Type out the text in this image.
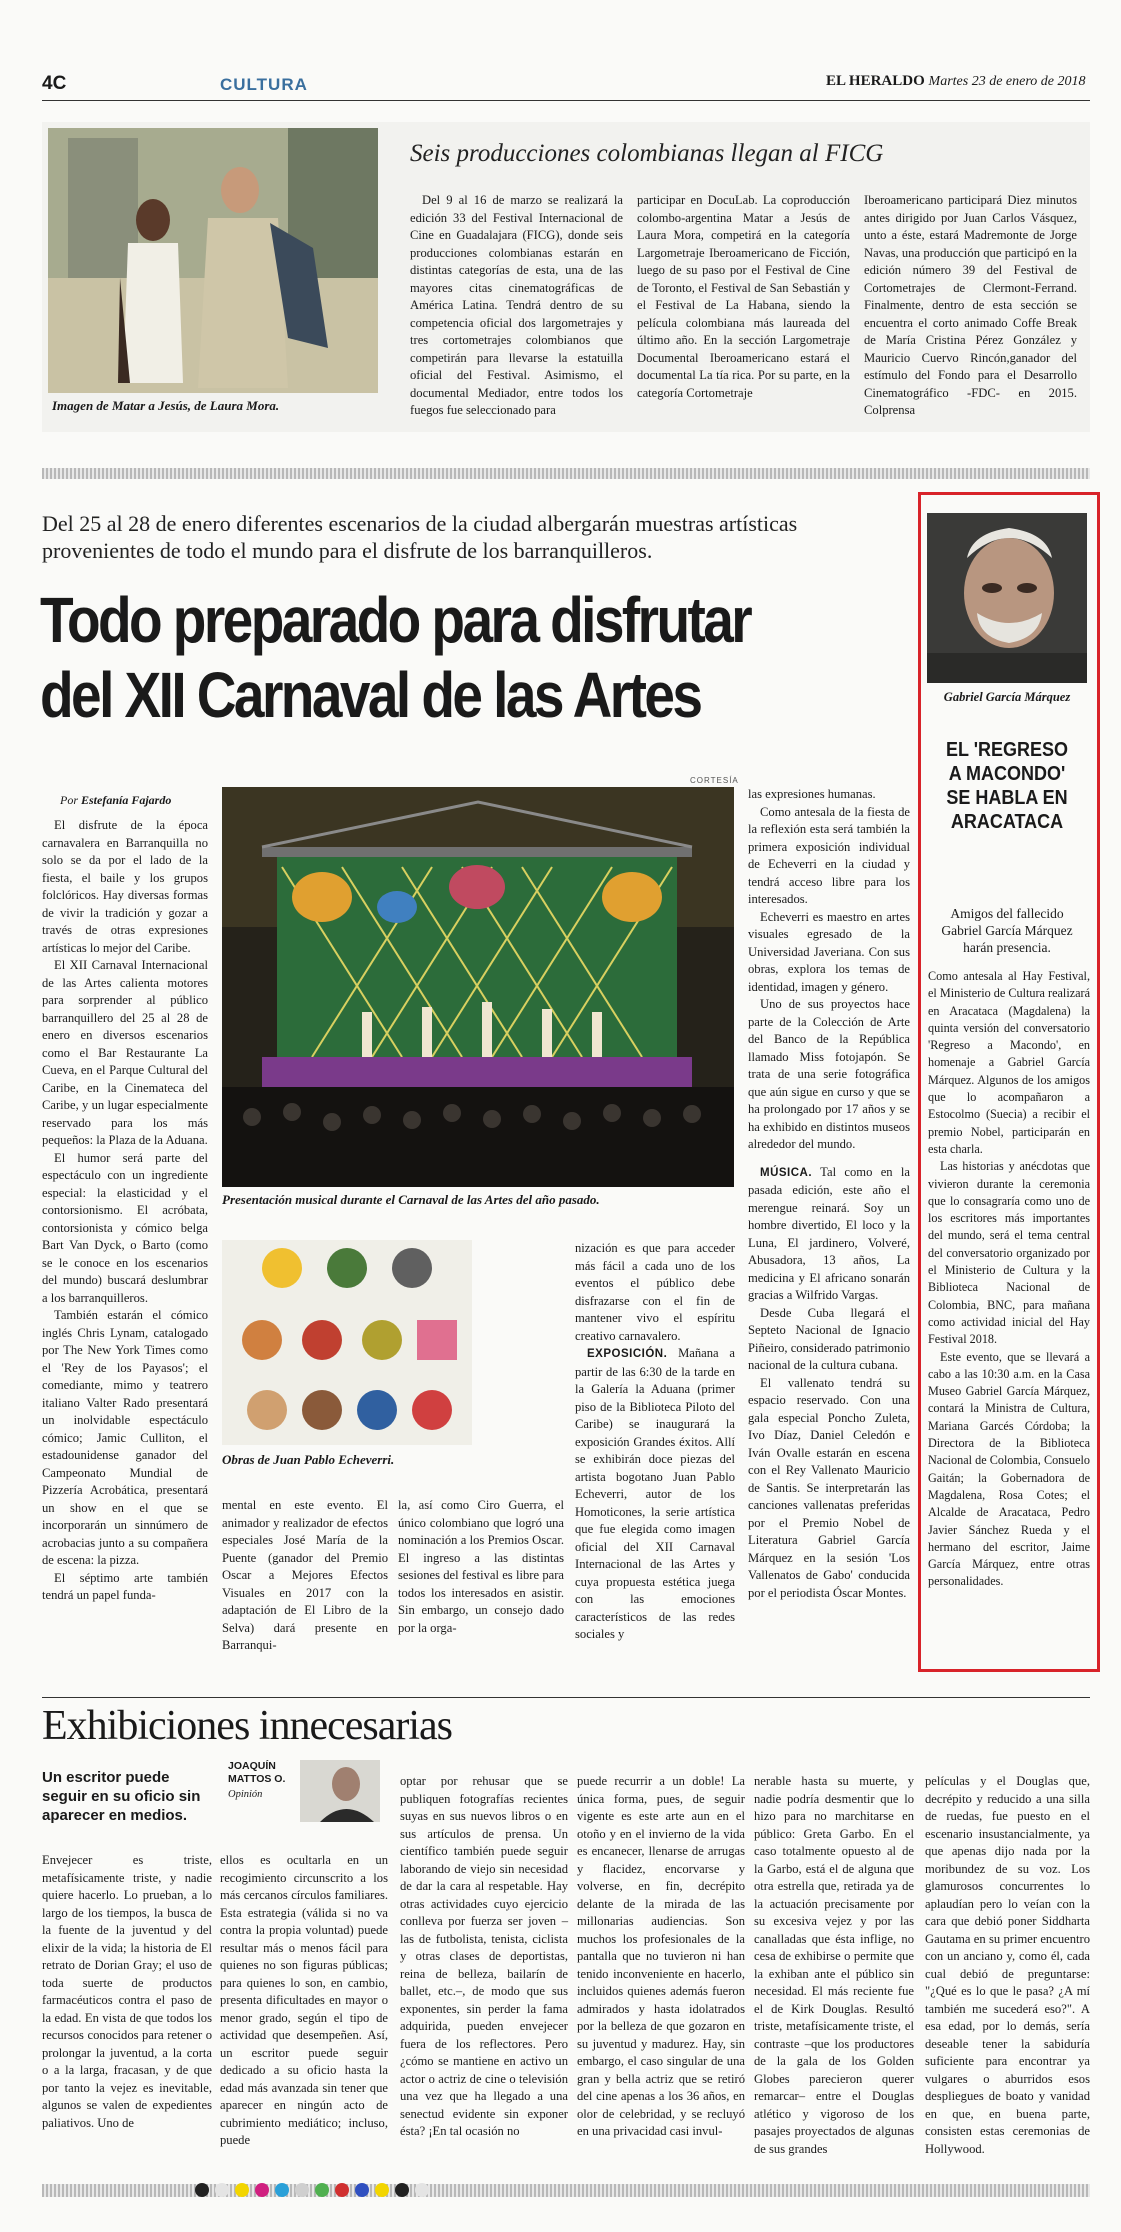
4C	CULTURA	EL HERALDO Martes 23 de enero de 2018
Imagen de Matar a Jesús, de Laura Mora.
Seis producciones colombianas llegan al FICG

Del 9 al 16 de marzo se realizará la edición 33 del Festival Internacional de Cine en Guadalajara (FICG), donde seis producciones colombianas estarán en distintas categorías de esta, una de las mayores citas cinematográficas de América Latina. Tendrá dentro de su competencia oficial dos largometrajes y tres cortometrajes colombianos que competirán para llevarse la estatuilla oficial del Festival. Asimismo, el documental Mediador, entre todos los fuegos fue seleccionado para

participar en DocuLab. La coproducción colombo-argentina Matar a Jesús de Laura Mora, competirá en la categoría Largometraje Iberoamericano de Ficción, luego de su paso por el Festival de Cine de Toronto, el Festival de San Sebastián y el Festival de La Habana, siendo la película colombiana más laureada del último año. En la sección Largometraje Documental Iberoamericano estará el documental La tía rica. Por su parte, en la categoría Cortometraje

Iberoamericano participará Diez minutos antes dirigido por Juan Carlos Vásquez, unto a éste, estará Madremonte de Jorge Navas, una producción que participó en la edición número 39 del Festival de Cortometrajes de Clermont-Ferrand. Finalmente, dentro de esta sección se encuentra el corto animado Coffe Break de María Cristina Pérez González y Mauricio Cuervo Rincón,ganador del estímulo del Fondo para el Desarrollo Cinematográfico -FDC- en 2015. Colprensa

Del 25 al 28 de enero diferentes escenarios de la ciudad albergarán muestras artísticas provenientes de todo el mundo para el disfrute de los barranquilleros.
Todo preparado para disfrutar
del XII Carnaval de las Artes
Por Estefanía Fajardo
CORTESÍA
Presentación musical durante el Carnaval de las Artes del año pasado.
Obras de Juan Pablo Echeverri.

El disfrute de la época carnavalera en Barranquilla no solo se da por el lado de la fiesta, el baile y los grupos folclóricos. Hay diversas formas de vivir la tradición y gozar a través de otras expresiones artísticas lo mejor del Caribe.

El XII Carnaval Internacional de las Artes calienta motores para sorprender al público barranquillero del 25 al 28 de enero en diversos escenarios como el Bar Restaurante La Cueva, en el Parque Cultural del Caribe, en la Cinemateca del Caribe, y un lugar especialmente reservado para los más pequeños: la Plaza de la Aduana.

El humor será parte del espectáculo con un ingrediente especial: la elasticidad y el contorsionismo. El acróbata, contorsionista y cómico belga Bart Van Dyck, o Barto (como se le conoce en los escenarios del mundo) buscará deslumbrar a los barranquilleros.

También estarán el cómico inglés Chris Lynam, catalogado por The New York Times como el 'Rey de los Payasos'; el comediante, mimo y teatrero italiano Valter Rado presentará un inolvidable espectáculo cómico; Jamic Culliton, el estadounidense ganador del Campeonato Mundial de Pizzería Acrobática, presentará un show en el que se incorporarán un sinnúmero de acrobacias junto a su compañera de escena: la pizza.

El séptimo arte también tendrá un papel funda-

mental en este evento. El animador y realizador de efectos especiales José María de la Puente (ganador del Premio Oscar a Mejores Efectos Visuales en 2017 con la adaptación de El Libro de la Selva) dará presente en Barranqui-

la, así como Ciro Guerra, el único colombiano que logró una nominación a los Premios Oscar. El ingreso a las distintas sesiones del festival es libre para todos los interesados en asistir. Sin embargo, un consejo dado por la orga-

nización es que para acceder más fácil a cada uno de los eventos el público debe disfrazarse con el fin de mantener vivo el espíritu creativo carnavalero.

EXPOSICIÓN. Mañana a partir de las 6:30 de la tarde en la Galería la Aduana (primer piso de la Biblioteca Piloto del Caribe) se inaugurará la exposición Grandes éxitos. Allí se exhibirán doce piezas del artista bogotano Juan Pablo Echeverri, autor de los Homoticones, la serie artística que fue elegida como imagen oficial del XII Carnaval Internacional de las Artes y cuya propuesta estética juega con las emociones característicos de las redes sociales y

las expresiones humanas.

Como antesala de la fiesta de la reflexión esta será también la primera exposición individual de Echeverri en la ciudad y tendrá acceso libre para los interesados.

Echeverri es maestro en artes visuales egresado de la Universidad Javeriana. Con sus obras, explora los temas de identidad, imagen y género.

Uno de sus proyectos hace parte de la Colección de Arte del Banco de la República llamado Miss fotojapón. Se trata de una serie fotográfica que aún sigue en curso y que se ha prolongado por 17 años y se ha exhibido en distintos museos alrededor del mundo.

MÚSICA. Tal como en la pasada edición, este año el merengue reinará. Soy un hombre divertido, El loco y la Luna, El jardinero, Volveré, Abusadora, 13 años, La medicina y El africano sonarán gracias a Wilfrido Vargas.

Desde Cuba llegará el Septeto Nacional de Ignacio Piñeiro, considerado patrimonio nacional de la cultura cubana.

El vallenato tendrá su espacio reservado. Con una gala especial Poncho Zuleta, Ivo Díaz, Daniel Celedón e Iván Ovalle estarán en escena con el Rey Vallenato Mauricio de Santis. Se interpretarán las canciones vallenatas preferidas por el Premio Nobel de Literatura Gabriel García Márquez en la sesión 'Los Vallenatos de Gabo' conducida por el periodista Óscar Montes.

Gabriel García Márquez
EL 'REGRESO A MACONDO' SE HABLA EN ARACATACA
Amigos del fallecido Gabriel García Márquez harán presencia.

Como antesala al Hay Festival, el Ministerio de Cultura realizará en Aracataca (Magdalena) la quinta versión del conversatorio 'Regreso a Macondo', en homenaje a Gabriel García Márquez. Algunos de los amigos que lo acompañaron a Estocolmo (Suecia) a recibir el premio Nobel, participarán en esta charla.

Las historias y anécdotas que vivieron durante la ceremonia que lo consagraría como uno de los escritores más importantes del mundo, será el tema central del conversatorio organizado por el Ministerio de Cultura y la Biblioteca Nacional de Colombia, BNC, para mañana como actividad inicial del Hay Festival 2018.

Este evento, que se llevará a cabo a las 10:30 a.m. en la Casa Museo Gabriel García Márquez, contará la Ministra de Cultura, Mariana Garcés Córdoba; la Directora de la Biblioteca Nacional de Colombia, Consuelo Gaitán; la Gobernadora de Magdalena, Rosa Cotes; el Alcalde de Aracataca, Pedro Javier Sánchez Rueda y el hermano del escritor, Jaime García Márquez, entre otras personalidades.

Exhibiciones innecesarias
Un escritor puede seguir en su oficio sin aparecer en medios.
JOAQUÍN MATTOS O.
Opinión

Envejecer es triste, metafísicamente triste, y nadie quiere hacerlo. Lo prueban, a lo largo de los tiempos, la busca de la fuente de la juventud y del elixir de la vida; la historia de El retrato de Dorian Gray; el uso de toda suerte de productos farmacéuticos contra el paso de la edad. En vista de que todos los recursos conocidos para retener o prolongar la juventud, a la corta o a la larga, fracasan, y de que por tanto la vejez es inevitable, algunos se valen de expedientes paliativos. Uno de

ellos es ocultarla en un recogimiento circunscrito a los más cercanos círculos familiares. Esta estrategia (válida si no va contra la propia voluntad) puede resultar más o menos fácil para quienes no son figuras públicas; para quienes lo son, en cambio, presenta dificultades en mayor o menor grado, según el tipo de actividad que desempeñen. Así, un escritor puede seguir dedicado a su oficio hasta la edad más avanzada sin tener que aparecer en ningún acto de cubrimiento mediático; incluso, puede

optar por rehusar que se publiquen fotografías recientes suyas en sus nuevos libros o en sus artículos de prensa. Un científico también puede seguir laborando de viejo sin necesidad de dar la cara al respetable. Hay otras actividades cuyo ejercicio conlleva por fuerza ser joven –las de futbolista, tenista, ciclista y otras clases de deportistas, reina de belleza, bailarín de ballet, etc.–, de modo que sus exponentes, sin perder la fama adquirida, pueden envejecer fuera de los reflectores. Pero ¿cómo se mantiene en activo un actor o actriz de cine o televisión una vez que ha llegado a una senectud evidente sin exponer ésta? ¡En tal ocasión no

puede recurrir a un doble! La única forma, pues, de seguir vigente es este arte aun en el otoño y en el invierno de la vida es encanecer, llenarse de arrugas y flacidez, encorvarse y volverse, en fin, decrépito delante de la mirada de las millonarias audiencias. Son muchos los profesionales de la pantalla que no tuvieron ni han tenido inconveniente en hacerlo, incluidos quienes además fueron admirados y hasta idolatrados por la belleza de que gozaron en su juventud y madurez. Hay, sin embargo, el caso singular de una gran y bella actriz que se retiró del cine apenas a los 36 años, en olor de celebridad, y se recluyó en una privacidad casi invul-

nerable hasta su muerte, y nadie podría desmentir que lo hizo para no marchitarse en público: Greta Garbo. En el caso totalmente opuesto al de la Garbo, está el de alguna que otra estrella que, retirada ya de la actuación precisamente por su excesiva vejez y por las canalladas que ésta inflige, no cesa de exhibirse o permite que la exhiban ante el público sin necesidad. El más reciente fue el de Kirk Douglas. Resultó triste, metafísicamente triste, el contraste –que los productores de la gala de los Golden Globes parecieron querer remarcar– entre el Douglas atlético y vigoroso de los pasajes proyectados de algunas de sus grandes

películas y el Douglas que, decrépito y reducido a una silla de ruedas, fue puesto en el escenario insustancialmente, ya que apenas dijo nada por la moribundez de su voz. Los glamurosos concurrentes lo aplaudían pero lo veían con la cara que debió poner Siddharta Gautama en su primer encuentro con un anciano y, como él, cada cual debió de preguntarse: "¿Qué es lo que le pasa? ¿A mí también me sucederá eso?". A esa edad, por lo demás, sería deseable tener la sabiduría suficiente para encontrar ya vulgares o aburridos esos despliegues de boato y vanidad en que, en buena parte, consisten estas ceremonias de Hollywood.
